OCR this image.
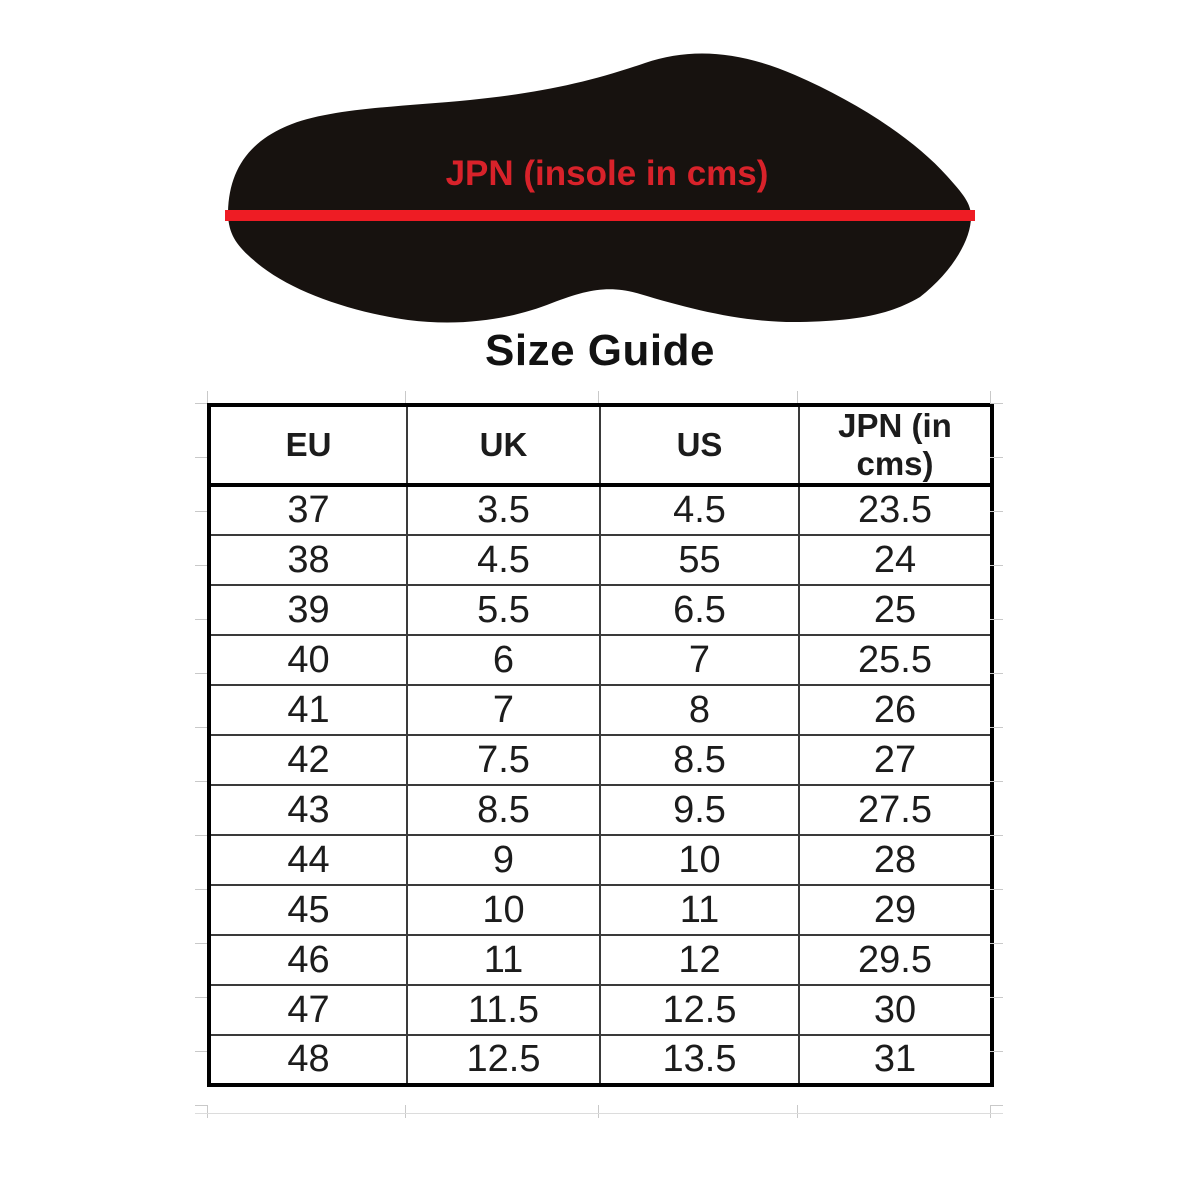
JPN (insole in cms)
Size Guide
EU	UK	US	JPN (in cms)
37	3.5	4.5	23.5
38	4.5	55	24
39	5.5	6.5	25
40	6	7	25.5
41	7	8	26
42	7.5	8.5	27
43	8.5	9.5	27.5
44	9	10	28
45	10	11	29
46	11	12	29.5
47	11.5	12.5	30
48	12.5	13.5	31
